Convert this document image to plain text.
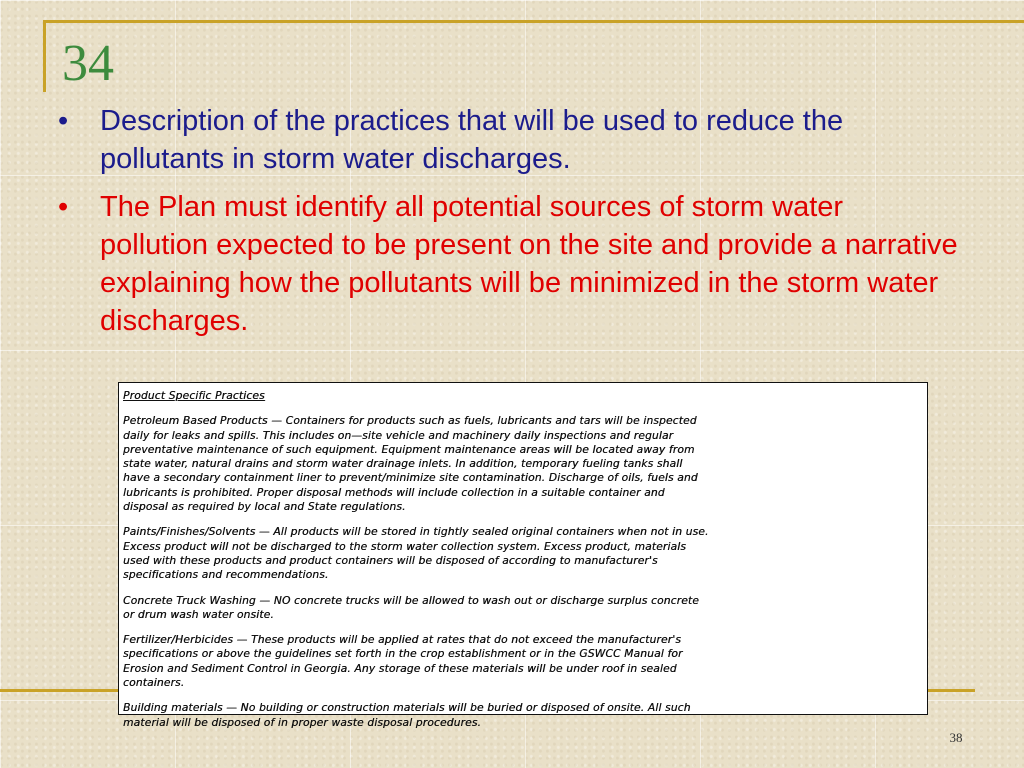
34
• Description of the practices that will be used to reduce the pollutants in storm water discharges.
• The Plan must identify all potential sources of storm water pollution expected to be present on the site and provide a narrative explaining how the pollutants will be minimized in the storm water discharges.
Product Specific Practices
Petroleum Based Products — Containers for products such as fuels, lubricants and tars will be inspected
daily for leaks and spills. This includes on—site vehicle and machinery daily inspections and regular
preventative maintenance of such equipment. Equipment maintenance areas will be located away from
state water, natural drains and storm water drainage inlets. In addition, temporary fueling tanks shall
have a secondary containment liner to prevent/minimize site contamination. Discharge of oils, fuels and
lubricants is prohibited. Proper disposal methods will include collection in a suitable container and
disposal as required by local and State regulations.
Paints/Finishes/Solvents — All products will be stored in tightly sealed original containers when not in use.
Excess product will not be discharged to the storm water collection system. Excess product, materials
used with these products and product containers will be disposed of according to manufacturer's
specifications and recommendations.
Concrete Truck Washing — NO concrete trucks will be allowed to wash out or discharge surplus concrete
or drum wash water onsite.
Fertilizer/Herbicides — These products will be applied at rates that do not exceed the manufacturer's
specifications or above the guidelines set forth in the crop establishment or in the GSWCC Manual for
Erosion and Sediment Control in Georgia. Any storage of these materials will be under roof in sealed
containers.
Building materials — No building or construction materials will be buried or disposed of onsite. All such
material will be disposed of in proper waste disposal procedures.
38
